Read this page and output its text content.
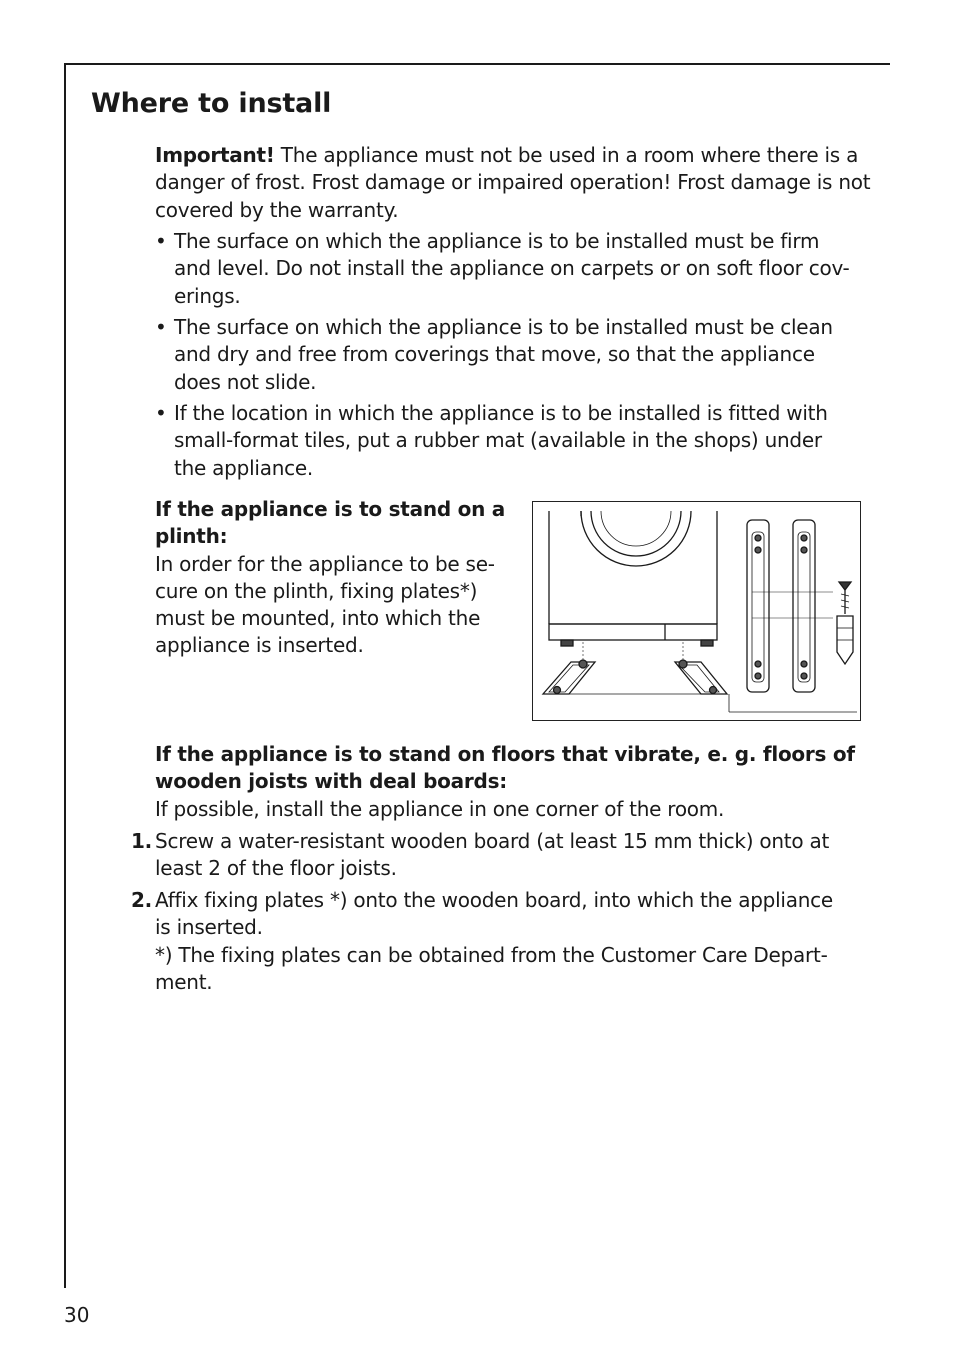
Where to install

Important! The appliance must not be used in a room where there is a danger of frost. Frost damage or impaired operation! Frost damage is not covered by the warranty.

• The surface on which the appliance is to be installed must be firm
and level. Do not install the appliance on carpets or on soft floor cov-
erings.
• The surface on which the appliance is to be installed must be clean
and dry and free from coverings that move, so that the appliance
does not slide.
• If the location in which the appliance is to be installed is fitted with
small-format tiles, put a rubber mat (available in the shops) under
the appliance.
If the appliance is to stand on a
plinth:
In order for the appliance to be se-
cure on the plinth, fixing plates*)
must be mounted, into which the
appliance is inserted.
If the appliance is to stand on floors that vibrate, e. g. floors of
wooden joists with deal boards:
If possible, install the appliance in one corner of the room.
1. Screw a water-resistant wooden board (at least 15 mm thick) onto at
least 2 of the floor joists.
2. Affix fixing plates *) onto the wooden board, into which the appliance
is inserted.
*) The fixing plates can be obtained from the Customer Care Depart-
ment.
30
